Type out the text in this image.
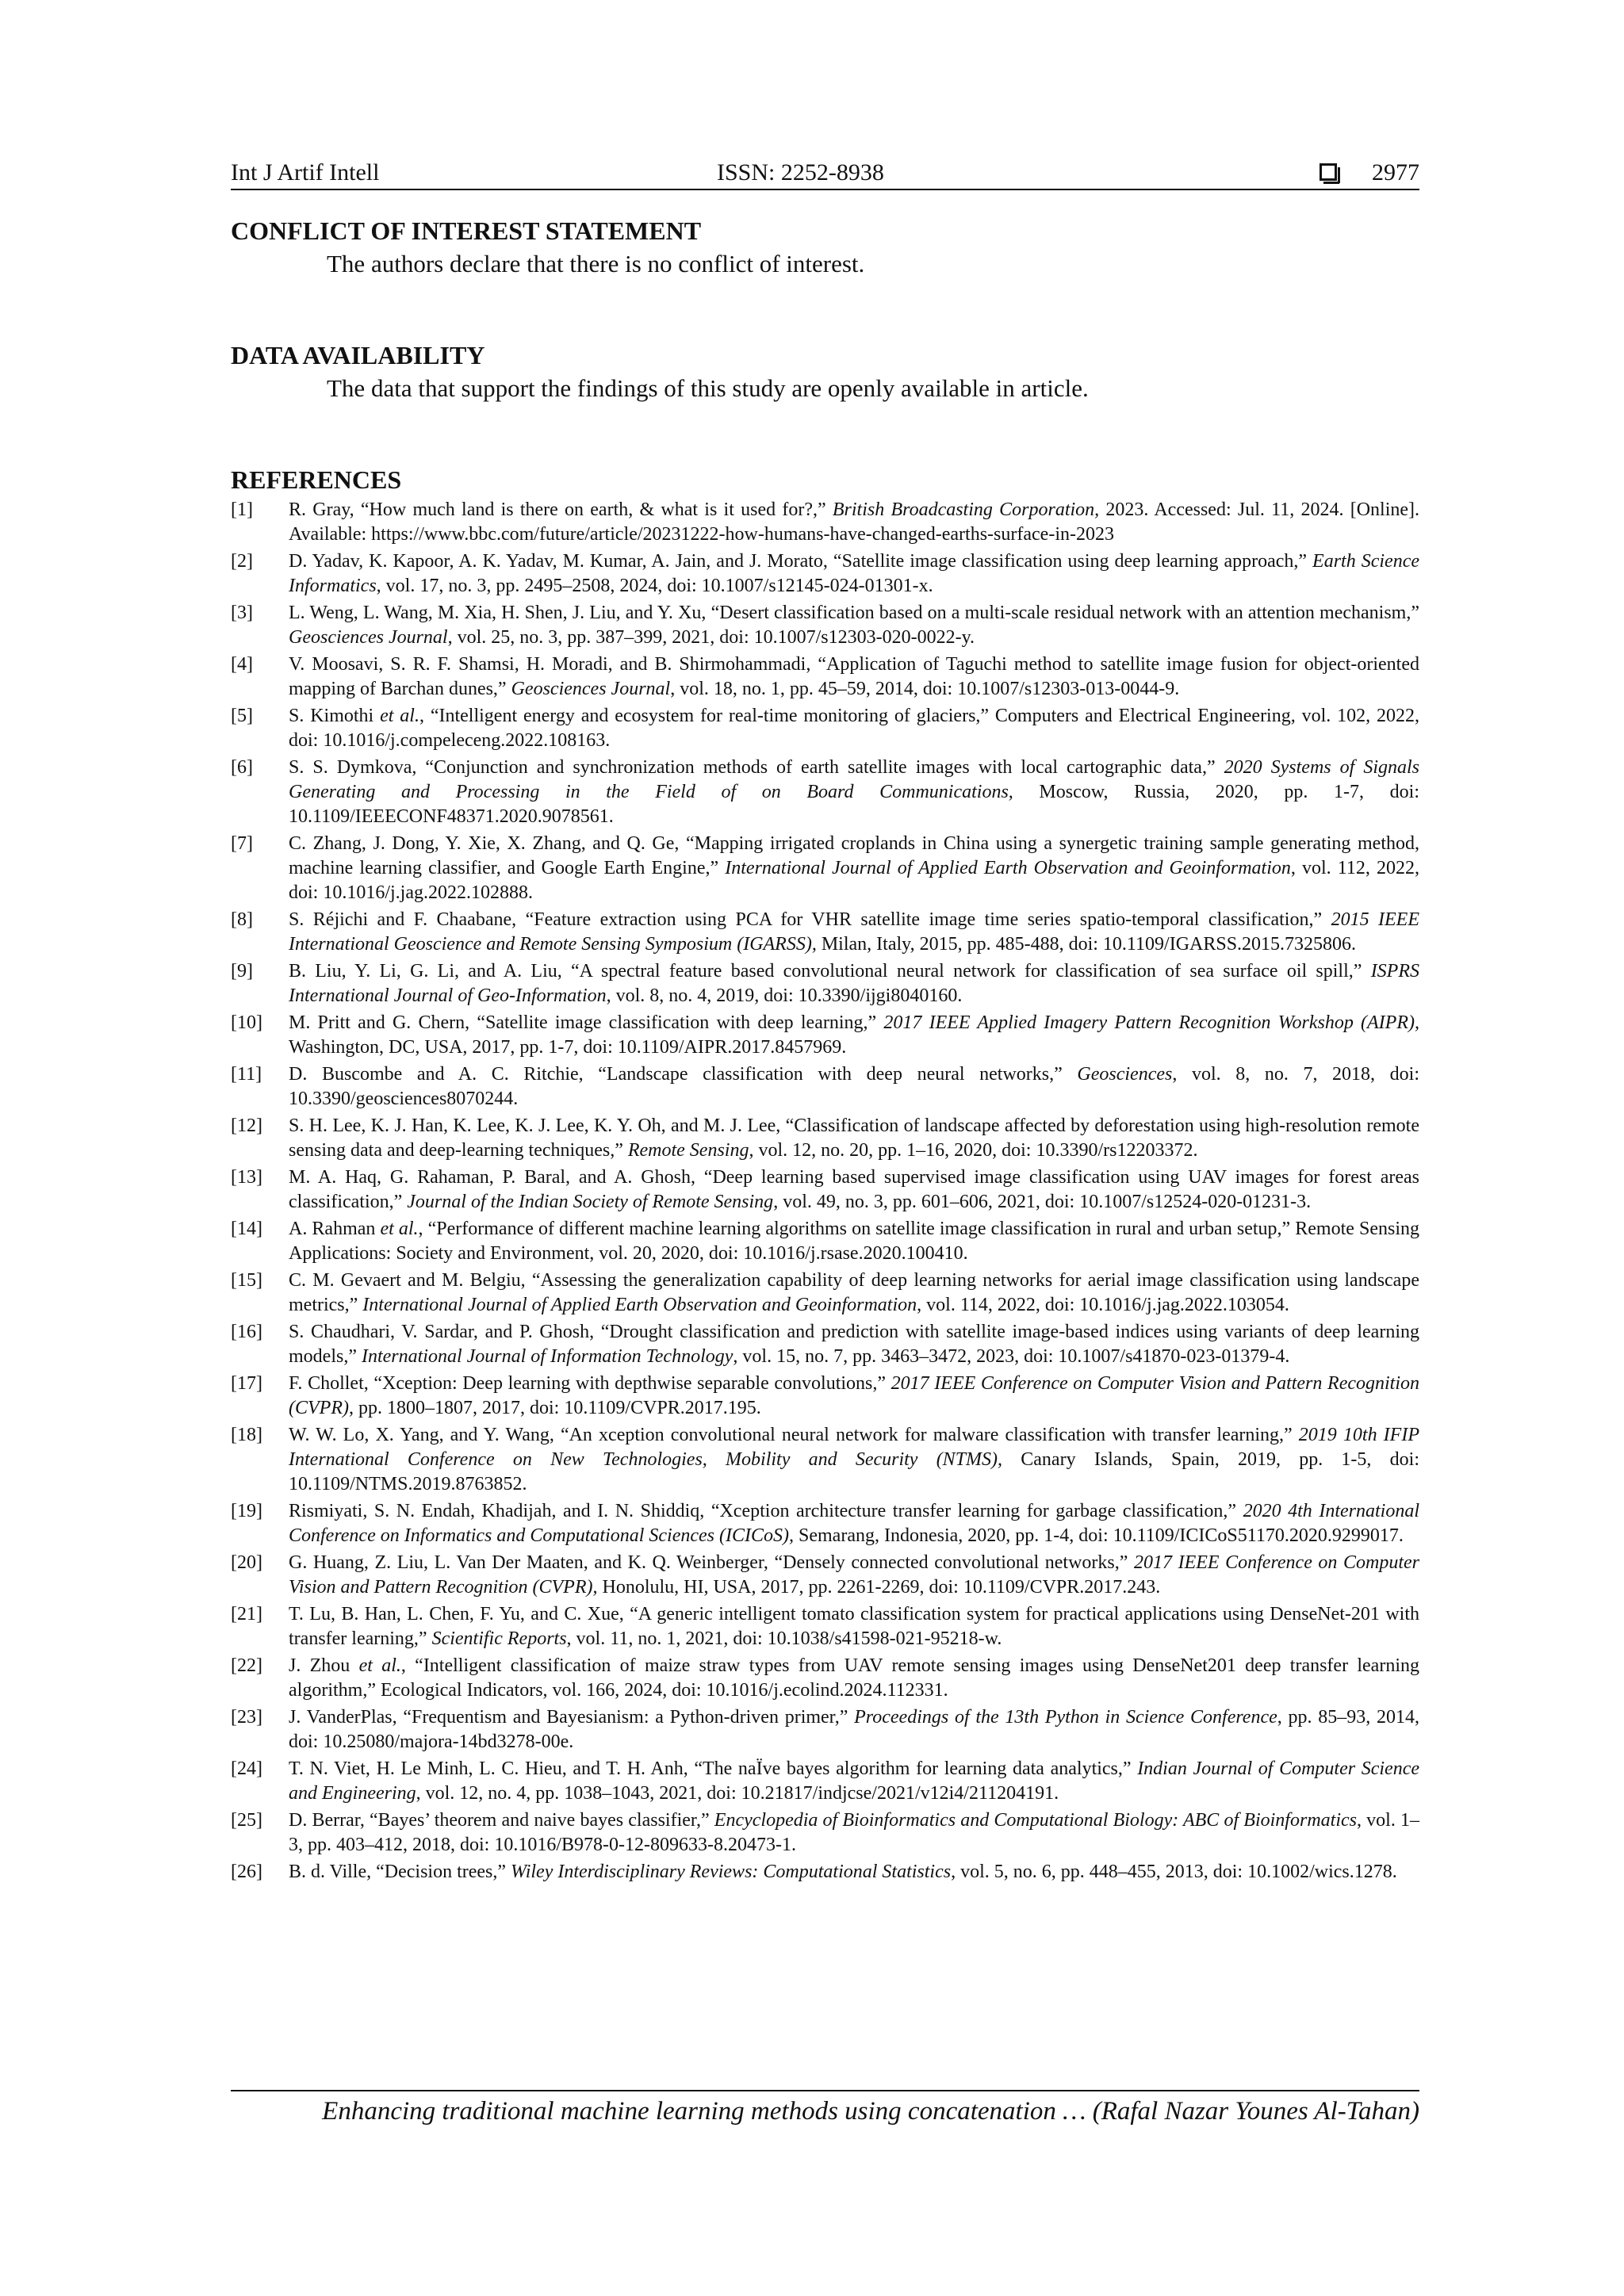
Int J Artif Intell	ISSN: 2252-8938	2977
CONFLICT OF INTEREST STATEMENT
The authors declare that there is no conflict of interest.
DATA AVAILABILITY
The data that support the findings of this study are openly available in article.
REFERENCES
[1] R. Gray, “How much land is there on earth, & what is it used for?,” British Broadcasting Corporation, 2023. Accessed: Jul. 11, 2024. [Online]. Available: https://www.bbc.com/future/article/20231222-how-humans-have-changed-earths-surface-in-2023
[2] D. Yadav, K. Kapoor, A. K. Yadav, M. Kumar, A. Jain, and J. Morato, “Satellite image classification using deep learning approach,” Earth Science Informatics, vol. 17, no. 3, pp. 2495–2508, 2024, doi: 10.1007/s12145-024-01301-x.
[3] L. Weng, L. Wang, M. Xia, H. Shen, J. Liu, and Y. Xu, “Desert classification based on a multi-scale residual network with an attention mechanism,” Geosciences Journal, vol. 25, no. 3, pp. 387–399, 2021, doi: 10.1007/s12303-020-0022-y.
[4] V. Moosavi, S. R. F. Shamsi, H. Moradi, and B. Shirmohammadi, “Application of Taguchi method to satellite image fusion for object-oriented mapping of Barchan dunes,” Geosciences Journal, vol. 18, no. 1, pp. 45–59, 2014, doi: 10.1007/s12303-013-0044-9.
[5] S. Kimothi et al., “Intelligent energy and ecosystem for real-time monitoring of glaciers,” Computers and Electrical Engineering, vol. 102, 2022, doi: 10.1016/j.compeleceng.2022.108163.
[6] S. S. Dymkova, “Conjunction and synchronization methods of earth satellite images with local cartographic data,” 2020 Systems of Signals Generating and Processing in the Field of on Board Communications, Moscow, Russia, 2020, pp. 1-7, doi: 10.1109/IEEECONF48371.2020.9078561.
[7] C. Zhang, J. Dong, Y. Xie, X. Zhang, and Q. Ge, “Mapping irrigated croplands in China using a synergetic training sample generating method, machine learning classifier, and Google Earth Engine,” International Journal of Applied Earth Observation and Geoinformation, vol. 112, 2022, doi: 10.1016/j.jag.2022.102888.
[8] S. Réjichi and F. Chaabane, “Feature extraction using PCA for VHR satellite image time series spatio-temporal classification,” 2015 IEEE International Geoscience and Remote Sensing Symposium (IGARSS), Milan, Italy, 2015, pp. 485-488, doi: 10.1109/IGARSS.2015.7325806.
[9] B. Liu, Y. Li, G. Li, and A. Liu, “A spectral feature based convolutional neural network for classification of sea surface oil spill,” ISPRS International Journal of Geo-Information, vol. 8, no. 4, 2019, doi: 10.3390/ijgi8040160.
[10] M. Pritt and G. Chern, “Satellite image classification with deep learning,” 2017 IEEE Applied Imagery Pattern Recognition Workshop (AIPR), Washington, DC, USA, 2017, pp. 1-7, doi: 10.1109/AIPR.2017.8457969.
[11] D. Buscombe and A. C. Ritchie, “Landscape classification with deep neural networks,” Geosciences, vol. 8, no. 7, 2018, doi: 10.3390/geosciences8070244.
[12] S. H. Lee, K. J. Han, K. Lee, K. J. Lee, K. Y. Oh, and M. J. Lee, “Classification of landscape affected by deforestation using high-resolution remote sensing data and deep-learning techniques,” Remote Sensing, vol. 12, no. 20, pp. 1–16, 2020, doi: 10.3390/rs12203372.
[13] M. A. Haq, G. Rahaman, P. Baral, and A. Ghosh, “Deep learning based supervised image classification using UAV images for forest areas classification,” Journal of the Indian Society of Remote Sensing, vol. 49, no. 3, pp. 601–606, 2021, doi: 10.1007/s12524-020-01231-3.
[14] A. Rahman et al., “Performance of different machine learning algorithms on satellite image classification in rural and urban setup,” Remote Sensing Applications: Society and Environment, vol. 20, 2020, doi: 10.1016/j.rsase.2020.100410.
[15] C. M. Gevaert and M. Belgiu, “Assessing the generalization capability of deep learning networks for aerial image classification using landscape metrics,” International Journal of Applied Earth Observation and Geoinformation, vol. 114, 2022, doi: 10.1016/j.jag.2022.103054.
[16] S. Chaudhari, V. Sardar, and P. Ghosh, “Drought classification and prediction with satellite image-based indices using variants of deep learning models,” International Journal of Information Technology, vol. 15, no. 7, pp. 3463–3472, 2023, doi: 10.1007/s41870-023-01379-4.
[17] F. Chollet, “Xception: Deep learning with depthwise separable convolutions,” 2017 IEEE Conference on Computer Vision and Pattern Recognition (CVPR), pp. 1800–1807, 2017, doi: 10.1109/CVPR.2017.195.
[18] W. W. Lo, X. Yang, and Y. Wang, “An xception convolutional neural network for malware classification with transfer learning,” 2019 10th IFIP International Conference on New Technologies, Mobility and Security (NTMS), Canary Islands, Spain, 2019, pp. 1-5, doi: 10.1109/NTMS.2019.8763852.
[19] Rismiyati, S. N. Endah, Khadijah, and I. N. Shiddiq, “Xception architecture transfer learning for garbage classification,” 2020 4th International Conference on Informatics and Computational Sciences (ICICoS), Semarang, Indonesia, 2020, pp. 1-4, doi: 10.1109/ICICoS51170.2020.9299017.
[20] G. Huang, Z. Liu, L. Van Der Maaten, and K. Q. Weinberger, “Densely connected convolutional networks,” 2017 IEEE Conference on Computer Vision and Pattern Recognition (CVPR), Honolulu, HI, USA, 2017, pp. 2261-2269, doi: 10.1109/CVPR.2017.243.
[21] T. Lu, B. Han, L. Chen, F. Yu, and C. Xue, “A generic intelligent tomato classification system for practical applications using DenseNet-201 with transfer learning,” Scientific Reports, vol. 11, no. 1, 2021, doi: 10.1038/s41598-021-95218-w.
[22] J. Zhou et al., “Intelligent classification of maize straw types from UAV remote sensing images using DenseNet201 deep transfer learning algorithm,” Ecological Indicators, vol. 166, 2024, doi: 10.1016/j.ecolind.2024.112331.
[23] J. VanderPlas, “Frequentism and Bayesianism: a Python-driven primer,” Proceedings of the 13th Python in Science Conference, pp. 85–93, 2014, doi: 10.25080/majora-14bd3278-00e.
[24] T. N. Viet, H. Le Minh, L. C. Hieu, and T. H. Anh, “The naÏve bayes algorithm for learning data analytics,” Indian Journal of Computer Science and Engineering, vol. 12, no. 4, pp. 1038–1043, 2021, doi: 10.21817/indjcse/2021/v12i4/211204191.
[25] D. Berrar, “Bayes’ theorem and naive bayes classifier,” Encyclopedia of Bioinformatics and Computational Biology: ABC of Bioinformatics, vol. 1–3, pp. 403–412, 2018, doi: 10.1016/B978-0-12-809633-8.20473-1.
[26] B. d. Ville, “Decision trees,” Wiley Interdisciplinary Reviews: Computational Statistics, vol. 5, no. 6, pp. 448–455, 2013, doi: 10.1002/wics.1278.
Enhancing traditional machine learning methods using concatenation … (Rafal Nazar Younes Al-Tahan)
